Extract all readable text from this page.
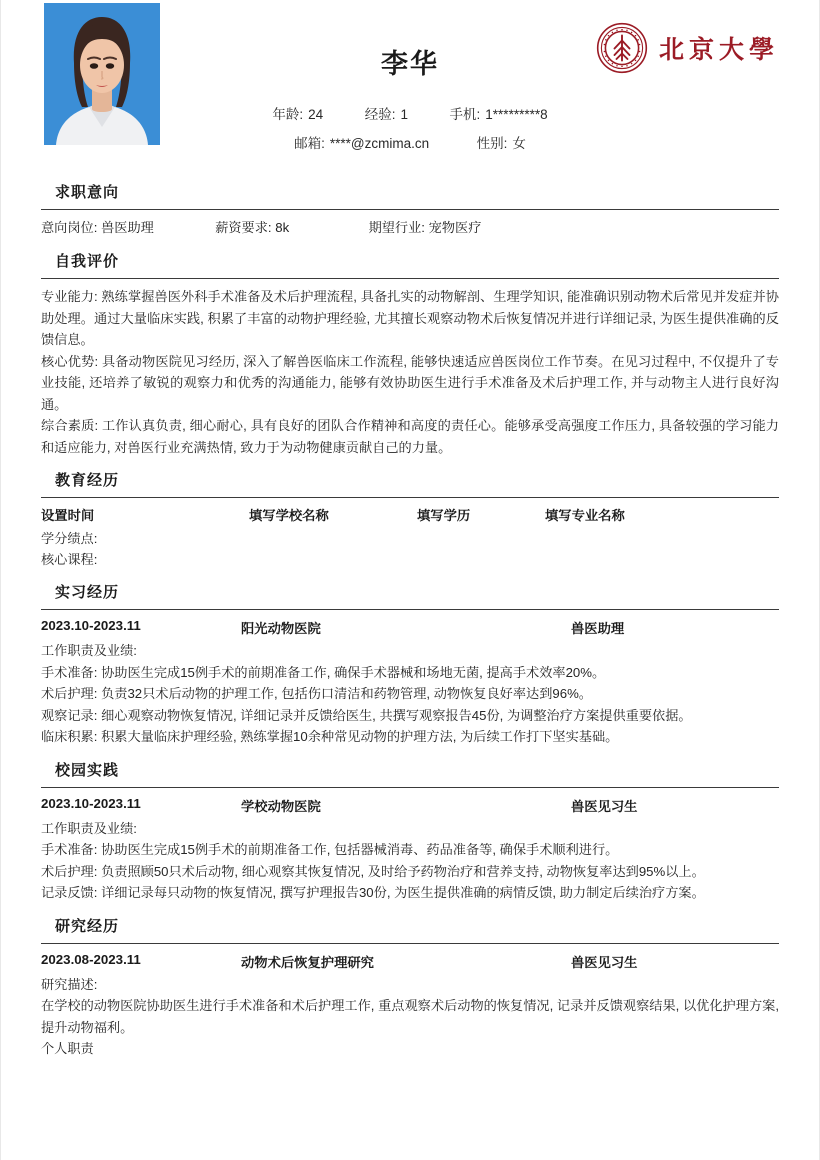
李华
年龄: 24	经验: 1	手机: 1*********8
邮箱: ****@zcmima.cn	性别: 女
北京大學
求职意向
意向岗位: 兽医助理	薪资要求: 8k	期望行业: 宠物医疗
自我评价
专业能力: 熟练掌握兽医外科手术准备及术后护理流程, 具备扎实的动物解剖、生理学知识, 能准确识别动物术后常见并发症并协助处理。通过大量临床实践, 积累了丰富的动物护理经验, 尤其擅长观察动物术后恢复情况并进行详细记录, 为医生提供准确的反馈信息。
核心优势: 具备动物医院见习经历, 深入了解兽医临床工作流程, 能够快速适应兽医岗位工作节奏。在见习过程中, 不仅提升了专业技能, 还培养了敏锐的观察力和优秀的沟通能力, 能够有效协助医生进行手术准备及术后护理工作, 并与动物主人进行良好沟通。
综合素质: 工作认真负责, 细心耐心, 具有良好的团队合作精神和高度的责任心。能够承受高强度工作压力, 具备较强的学习能力和适应能力, 对兽医行业充满热情, 致力于为动物健康贡献自己的力量。
教育经历
设置时间	填写学校名称	填写学历	填写专业名称
学分绩点:
核心课程:
实习经历
2023.10-2023.11	阳光动物医院	兽医助理
工作职责及业绩:
手术准备: 协助医生完成15例手术的前期准备工作, 确保手术器械和场地无菌, 提高手术效率20%。
术后护理: 负责32只术后动物的护理工作, 包括伤口清洁和药物管理, 动物恢复良好率达到96%。
观察记录: 细心观察动物恢复情况, 详细记录并反馈给医生, 共撰写观察报告45份, 为调整治疗方案提供重要依据。
临床积累: 积累大量临床护理经验, 熟练掌握10余种常见动物的护理方法, 为后续工作打下坚实基础。
校园实践
2023.10-2023.11	学校动物医院	兽医见习生
工作职责及业绩:
手术准备: 协助医生完成15例手术的前期准备工作, 包括器械消毒、药品准备等, 确保手术顺利进行。
术后护理: 负责照顾50只术后动物, 细心观察其恢复情况, 及时给予药物治疗和营养支持, 动物恢复率达到95%以上。
记录反馈: 详细记录每只动物的恢复情况, 撰写护理报告30份, 为医生提供准确的病情反馈, 助力制定后续治疗方案。
研究经历
2023.08-2023.11	动物术后恢复护理研究	兽医见习生
研究描述:
在学校的动物医院协助医生进行手术准备和术后护理工作, 重点观察术后动物的恢复情况, 记录并反馈观察结果, 以优化护理方案, 提升动物福利。
个人职责
